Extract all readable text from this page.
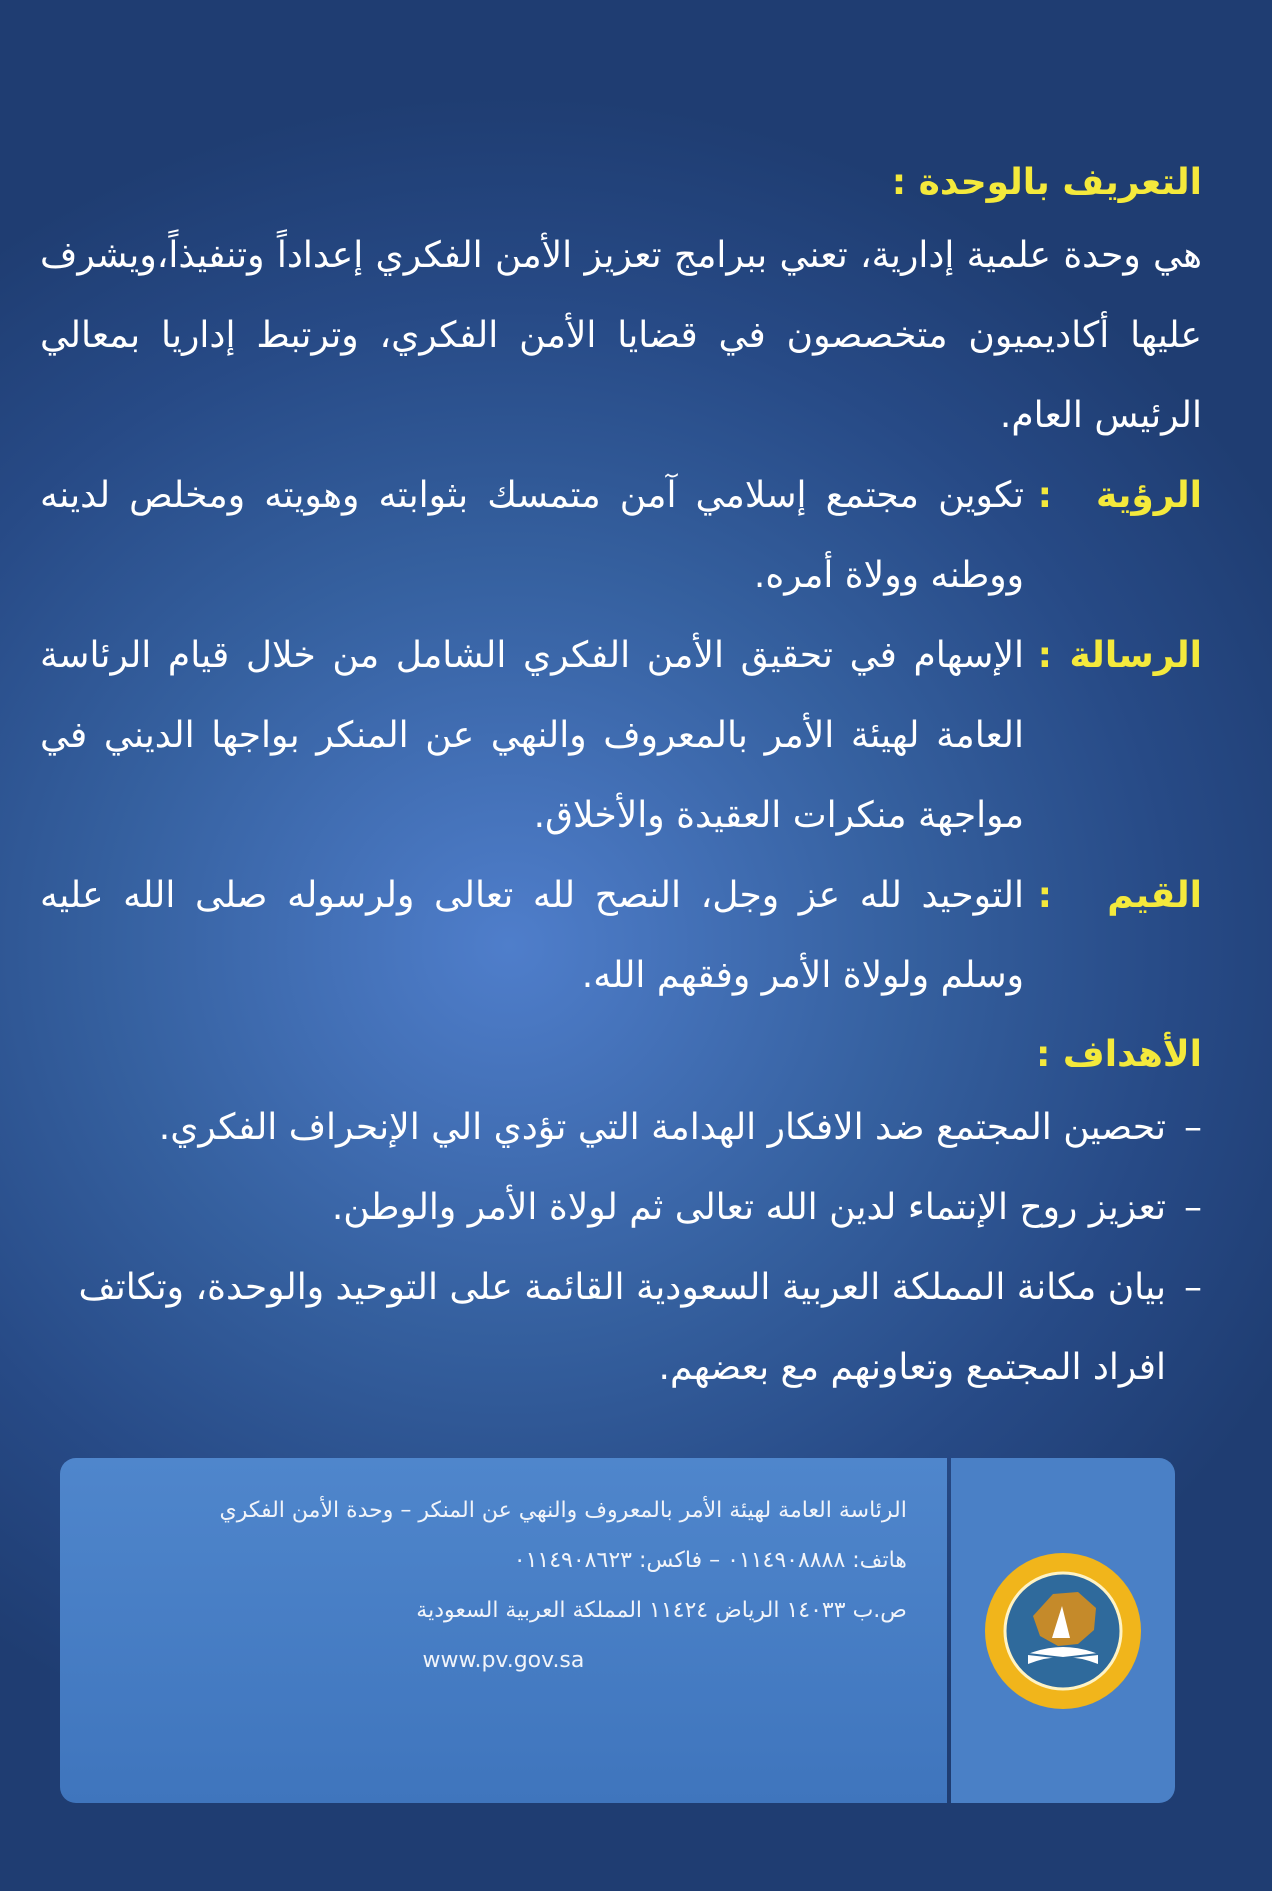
التعريف بالوحدة :

هي وحدة علمية إدارية، تعني ببرامج تعزيز الأمن الفكري إعداداً وتنفيذاً،ويشرف عليها أكاديميون متخصصون في قضايا الأمن الفكري، وترتبط إداريا بمعالي الرئيس العام.

الرؤية
:
تكوين مجتمع إسلامي آمن متمسك بثوابته وهويته ومخلص لدينه ووطنه وولاة أمره.
الرسالة
:
الإسهام في تحقيق الأمن الفكري الشامل من خلال قيام الرئاسة العامة لهيئة الأمر بالمعروف والنهي عن المنكر بواجها الديني في مواجهة منكرات العقيدة والأخلاق.
القيم
:
التوحيد لله عز وجل، النصح لله تعالى ولرسوله صلى الله عليه وسلم ولولاة الأمر وفقهم الله.
الأهداف :
–
تحصين المجتمع ضد الافكار الهدامة التي تؤدي الي الإنحراف الفكري.
–
تعزيز روح الإنتماء لدين الله تعالى ثم لولاة الأمر والوطن.
–
بيان مكانة المملكة العربية السعودية القائمة على التوحيد والوحدة، وتكاتف افراد المجتمع وتعاونهم مع بعضهم.
الرئاسة العامة لهيئة الأمر بالمعروف والنهي عن المنكر – وحدة الأمن الفكري
هاتف: ٠١١٤٩٠٨٨٨٨ – فاكس: ٠١١٤٩٠٨٦٢٣
ص.ب ١٤٠٣٣ الرياض ١١٤٢٤ المملكة العربية السعودية
www.pv.gov.sa
